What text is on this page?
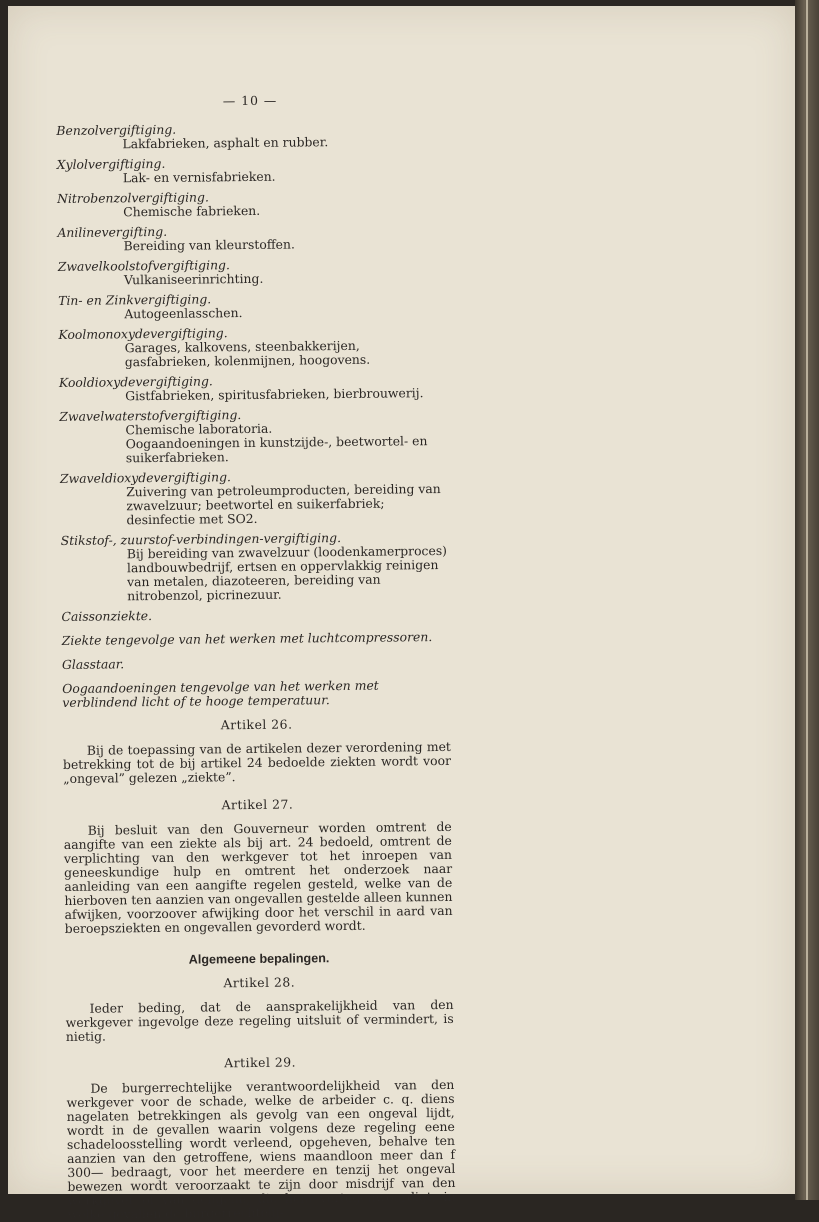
— 10 —

Benzolvergiftiging.

Lakfabrieken, asphalt en rubber.

Xylolvergiftiging.

Lak- en vernisfabrieken.

Nitrobenzolvergiftiging.

Chemische fabrieken.

Anilinevergifting.

Bereiding van kleurstoffen.

Zwavelkoolstofvergiftiging.

Vulkaniseerinrichting.

Tin- en Zinkvergiftiging.

Autogeenlasschen.

Koolmonoxydevergiftiging.

Garages, kalkovens, steenbakkerijen, gasfabrieken, kolenmijnen, hoogovens.

Kooldioxydevergiftiging.

Gistfabrieken, spiritusfabrieken, bierbrouwerij.

Zwavelwaterstofvergiftiging.

Chemische laboratoria.

Oogaandoeningen in kunstzijde-, beetwortel- en suikerfabrieken.

Zwaveldioxydevergiftiging.

Zuivering van petroleumproducten, bereiding van zwavelzuur; beetwortel en suikerfabriek; desinfectie met SO2.

Stikstof-, zuurstof-verbindingen-vergiftiging.

Bij bereiding van zwavelzuur (loodenkamerproces) landbouwbedrijf, ertsen en oppervlakkig reinigen van metalen, diazoteeren, bereiding van nitrobenzol, picrinezuur.

Caissonziekte.

Ziekte tengevolge van het werken met luchtcompressoren.

Glasstaar.

Oogaandoeningen tengevolge van het werken met verblindend licht of te hooge temperatuur.

Artikel 26.

Bij de toepassing van de artikelen dezer verordening met betrekking tot de bij artikel 24 bedoelde ziekten wordt voor „ongeval” gelezen „ziekte”.

Artikel 27.

Bij besluit van den Gouverneur worden omtrent de aangifte van een ziekte als bij art. 24 bedoeld, omtrent de verplichting van den werkgever tot het inroepen van geneeskundige hulp en omtrent het onderzoek naar aanleiding van een aangifte regelen gesteld, welke van de hierboven ten aanzien van ongevallen gestelde alleen kunnen afwijken, voorzoover afwijking door het verschil in aard van beroepsziekten en ongevallen gevorderd wordt.

Algemeene bepalingen.
Artikel 28.

Ieder beding, dat de aansprakelijkheid van den werkgever ingevolge deze regeling uitsluit of vermindert, is nietig.

Artikel 29.

De burgerrechtelijke verantwoordelijkheid van den werkgever voor de schade, welke de arbeider c. q. diens nagelaten betrekkingen als gevolg van een ongeval lijdt, wordt in de gevallen waarin volgens deze regeling eene schadeloosstelling wordt verleend, opgeheven, behalve ten aanzien van den getroffene, wiens maandloon meer dan f 300— bedraagt, voor het meerdere en tenzij het ongeval bewezen wordt veroorzaakt te zijn door misdrijf van den werkgever of van dengene, die hem vertegenwoordigt, in welke gevallen de burgerrechtelij-
